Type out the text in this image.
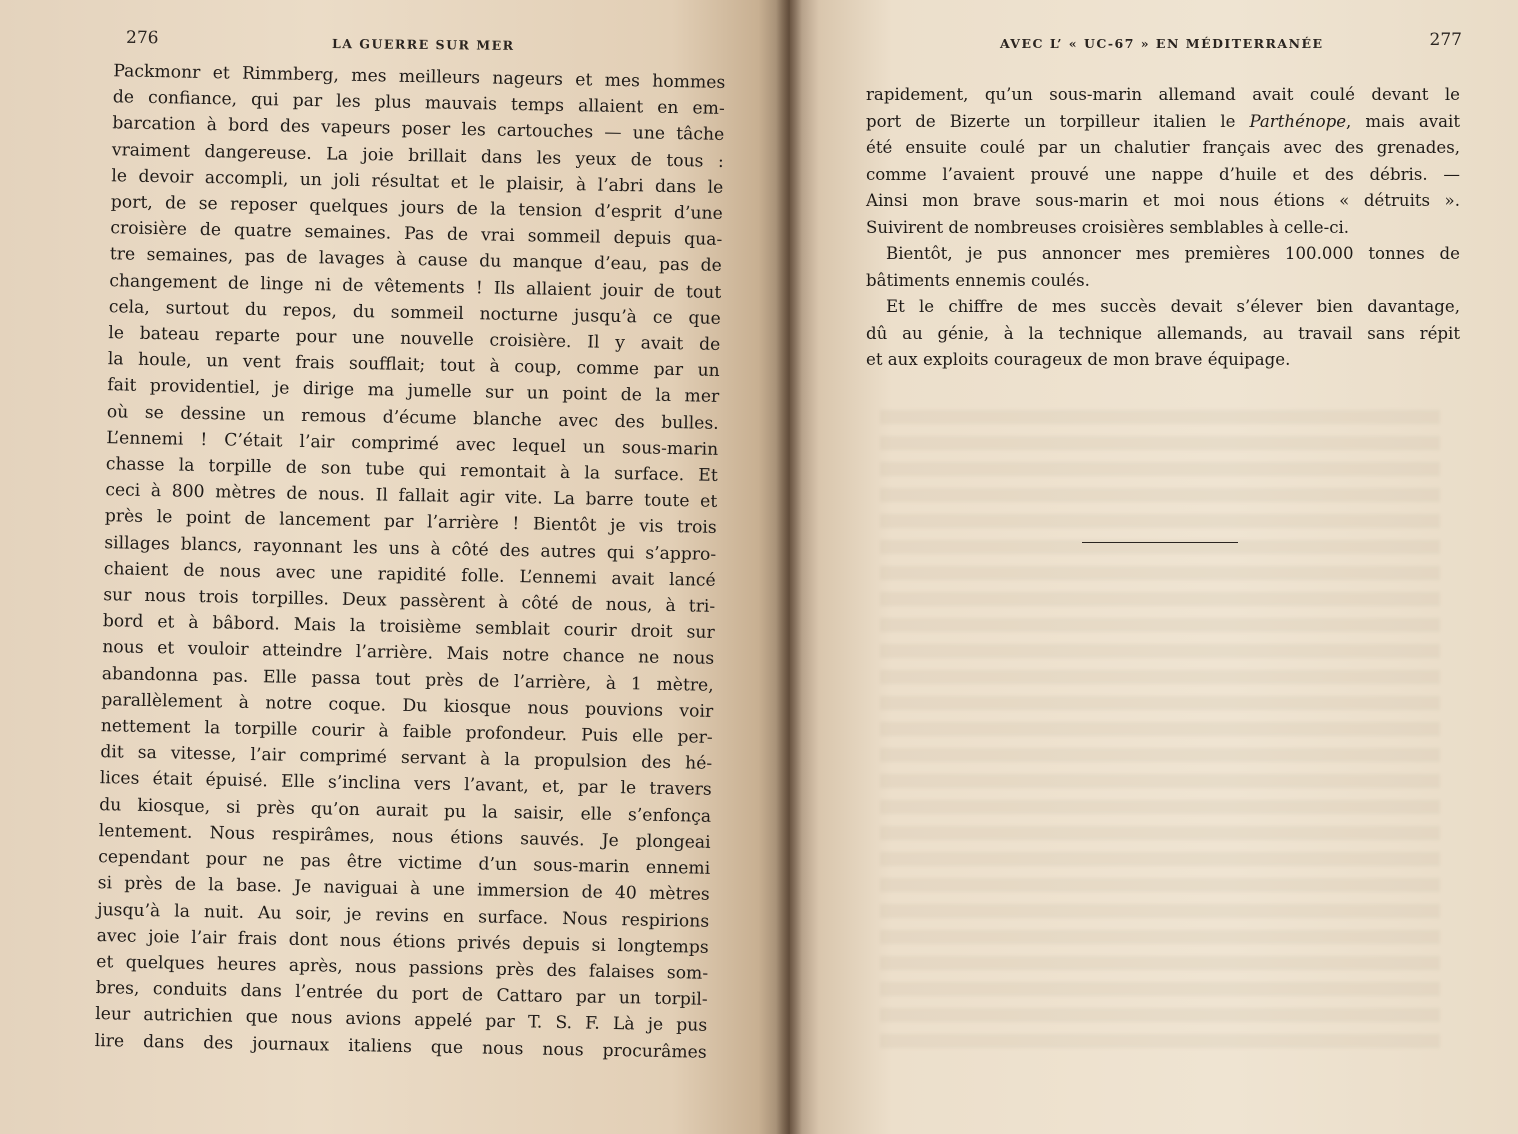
276	LA GUERRE SUR MER
Packmonr et Rimmberg, mes meilleurs nageurs et mes hommes
de confiance, qui par les plus mauvais temps allaient en em-
barcation à bord des vapeurs poser les cartouches — une tâche
vraiment dangereuse. La joie brillait dans les yeux de tous :
le devoir accompli, un joli résultat et le plaisir, à l’abri dans le
port, de se reposer quelques jours de la tension d’esprit d’une
croisière de quatre semaines. Pas de vrai sommeil depuis qua-
tre semaines, pas de lavages à cause du manque d’eau, pas de
changement de linge ni de vêtements ! Ils allaient jouir de tout
cela, surtout du repos, du sommeil nocturne jusqu’à ce que
le bateau reparte pour une nouvelle croisière. Il y avait de
la houle, un vent frais soufflait; tout à coup, comme par un
fait providentiel, je dirige ma jumelle sur un point de la mer
où se dessine un remous d’écume blanche avec des bulles.
L’ennemi ! C’était l’air comprimé avec lequel un sous-marin
chasse la torpille de son tube qui remontait à la surface. Et
ceci à 800 mètres de nous. Il fallait agir vite. La barre toute et
près le point de lancement par l’arrière ! Bientôt je vis trois
sillages blancs, rayonnant les uns à côté des autres qui s’appro-
chaient de nous avec une rapidité folle. L’ennemi avait lancé
sur nous trois torpilles. Deux passèrent à côté de nous, à tri-
bord et à bâbord. Mais la troisième semblait courir droit sur
nous et vouloir atteindre l’arrière. Mais notre chance ne nous
abandonna pas. Elle passa tout près de l’arrière, à 1 mètre,
parallèlement à notre coque. Du kiosque nous pouvions voir
nettement la torpille courir à faible profondeur. Puis elle per-
dit sa vitesse, l’air comprimé servant à la propulsion des hé-
lices était épuisé. Elle s’inclina vers l’avant, et, par le travers
du kiosque, si près qu’on aurait pu la saisir, elle s’enfonça
lentement. Nous respirâmes, nous étions sauvés. Je plongeai
cependant pour ne pas être victime d’un sous-marin ennemi
si près de la base. Je naviguai à une immersion de 40 mètres
jusqu’à la nuit. Au soir, je revins en surface. Nous respirions
avec joie l’air frais dont nous étions privés depuis si longtemps
et quelques heures après, nous passions près des falaises som-
bres, conduits dans l’entrée du port de Cattaro par un torpil-
leur autrichien que nous avions appelé par T. S. F. Là je pus
lire dans des journaux italiens que nous nous procurâmes
AVEC L’ « UC-67 » EN MÉDITERRANÉE	277
rapidement, qu’un sous-marin allemand avait coulé devant le
port de Bizerte un torpilleur italien le Parthénope, mais avait
été ensuite coulé par un chalutier français avec des grenades,
comme l’avaient prouvé une nappe d’huile et des débris. —
Ainsi mon brave sous-marin et moi nous étions « détruits ».
Suivirent de nombreuses croisières semblables à celle-ci.
Bientôt, je pus annoncer mes premières 100.000 tonnes de
bâtiments ennemis coulés.
Et le chiffre de mes succès devait s’élever bien davantage,
dû au génie, à la technique allemands, au travail sans répit
et aux exploits courageux de mon brave équipage.
